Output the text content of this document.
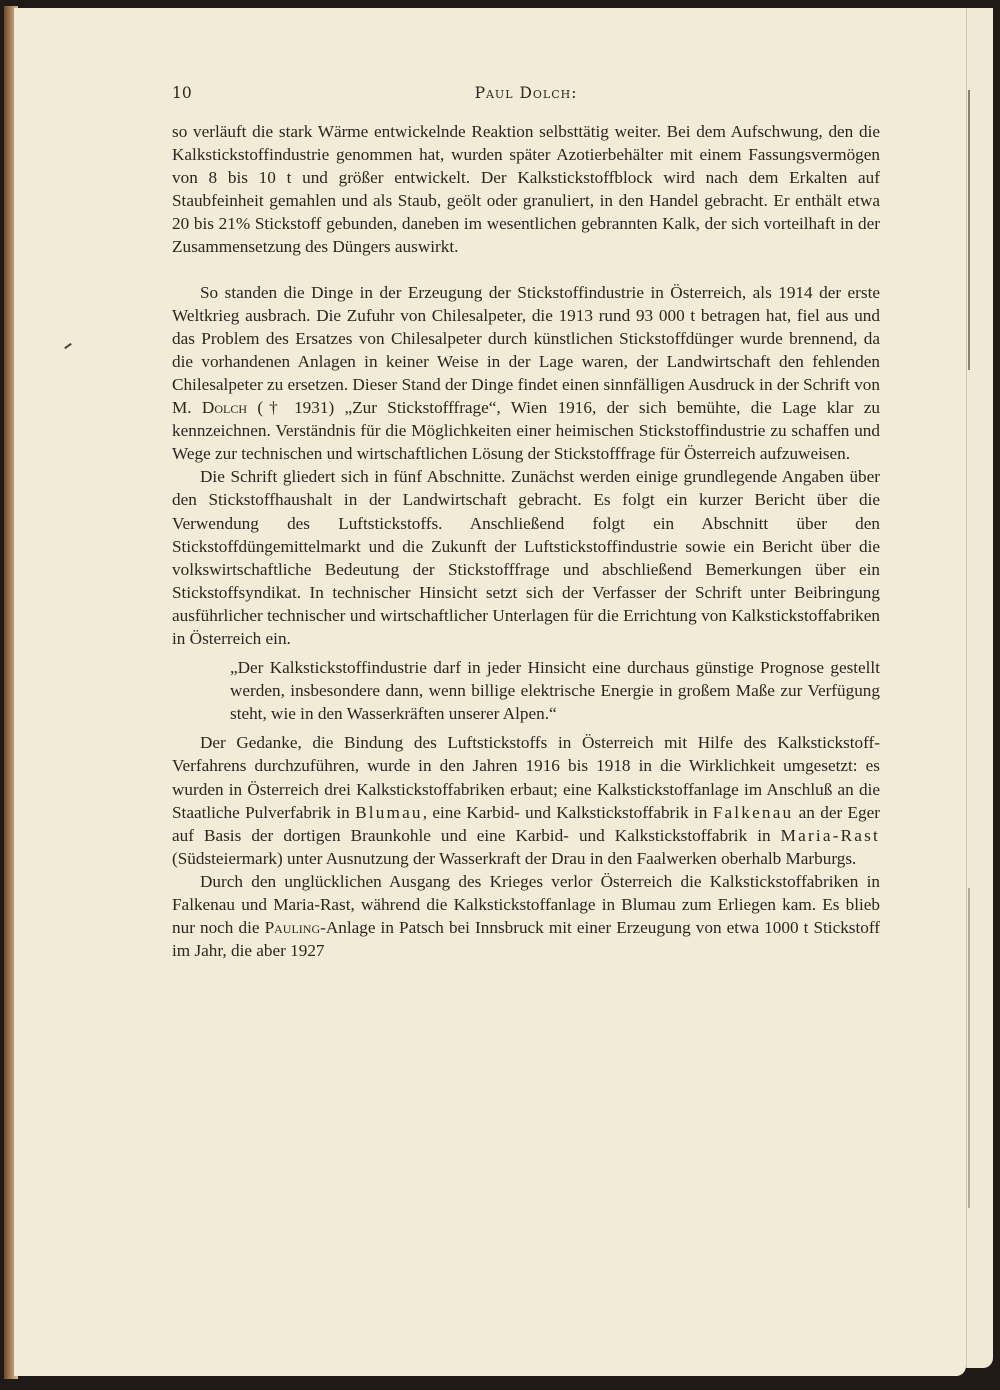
10	Paul Dolch:

so verläuft die stark Wärme entwickelnde Reaktion selbsttätig weiter. Bei dem Aufschwung, den die Kalkstickstoffindustrie genommen hat, wurden später Azotierbehälter mit einem Fassungsvermögen von 8 bis 10 t und größer entwickelt. Der Kalkstickstoffblock wird nach dem Erkalten auf Staubfeinheit gemahlen und als Staub, geölt oder granuliert, in den Handel gebracht. Er enthält etwa 20 bis 21% Stickstoff gebunden, daneben im wesentlichen gebrannten Kalk, der sich vorteilhaft in der Zusammensetzung des Düngers auswirkt.

So standen die Dinge in der Erzeugung der Stickstoffindustrie in Österreich, als 1914 der erste Weltkrieg ausbrach. Die Zufuhr von Chilesalpeter, die 1913 rund 93 000 t betragen hat, fiel aus und das Problem des Ersatzes von Chilesalpeter durch künstlichen Stickstoffdünger wurde brennend, da die vorhandenen Anlagen in keiner Weise in der Lage waren, der Landwirtschaft den fehlenden Chilesalpeter zu ersetzen. Dieser Stand der Dinge findet einen sinnfälligen Ausdruck in der Schrift von M. Dolch († 1931) „Zur Stickstofffrage“, Wien 1916, der sich bemühte, die Lage klar zu kennzeichnen. Verständnis für die Möglichkeiten einer heimischen Stickstoffindustrie zu schaffen und Wege zur technischen und wirtschaftlichen Lösung der Stickstofffrage für Österreich aufzuweisen.

Die Schrift gliedert sich in fünf Abschnitte. Zunächst werden einige grundlegende Angaben über den Stickstoffhaushalt in der Landwirtschaft gebracht. Es folgt ein kurzer Bericht über die Verwendung des Luftstickstoffs. Anschließend folgt ein Abschnitt über den Stickstoffdüngemittelmarkt und die Zukunft der Luftstickstoffindustrie sowie ein Bericht über die volkswirtschaftliche Bedeutung der Stickstofffrage und abschließend Bemerkungen über ein Stickstoffsyndikat. In technischer Hinsicht setzt sich der Verfasser der Schrift unter Beibringung ausführlicher technischer und wirtschaftlicher Unterlagen für die Errichtung von Kalkstickstoffabriken in Österreich ein.

„Der Kalkstickstoffindustrie darf in jeder Hinsicht eine durchaus günstige Prognose gestellt werden, insbesondere dann, wenn billige elektrische Energie in großem Maße zur Verfügung steht, wie in den Wasserkräften unserer Alpen.“

Der Gedanke, die Bindung des Luftstickstoffs in Österreich mit Hilfe des Kalkstickstoff-Verfahrens durchzuführen, wurde in den Jahren 1916 bis 1918 in die Wirklichkeit umgesetzt: es wurden in Österreich drei Kalkstickstoffabriken erbaut; eine Kalkstickstoffanlage im Anschluß an die Staatliche Pulverfabrik in Blumau, eine Karbid- und Kalkstickstoffabrik in Falkenau an der Eger auf Basis der dortigen Braunkohle und eine Karbid- und Kalkstickstoffabrik in Maria-Rast (Südsteiermark) unter Ausnutzung der Wasserkraft der Drau in den Faalwerken oberhalb Marburgs.

Durch den unglücklichen Ausgang des Krieges verlor Österreich die Kalkstickstoffabriken in Falkenau und Maria-Rast, während die Kalkstickstoffanlage in Blumau zum Erliegen kam. Es blieb nur noch die Pauling-Anlage in Patsch bei Innsbruck mit einer Erzeugung von etwa 1000 t Stickstoff im Jahr, die aber 1927
